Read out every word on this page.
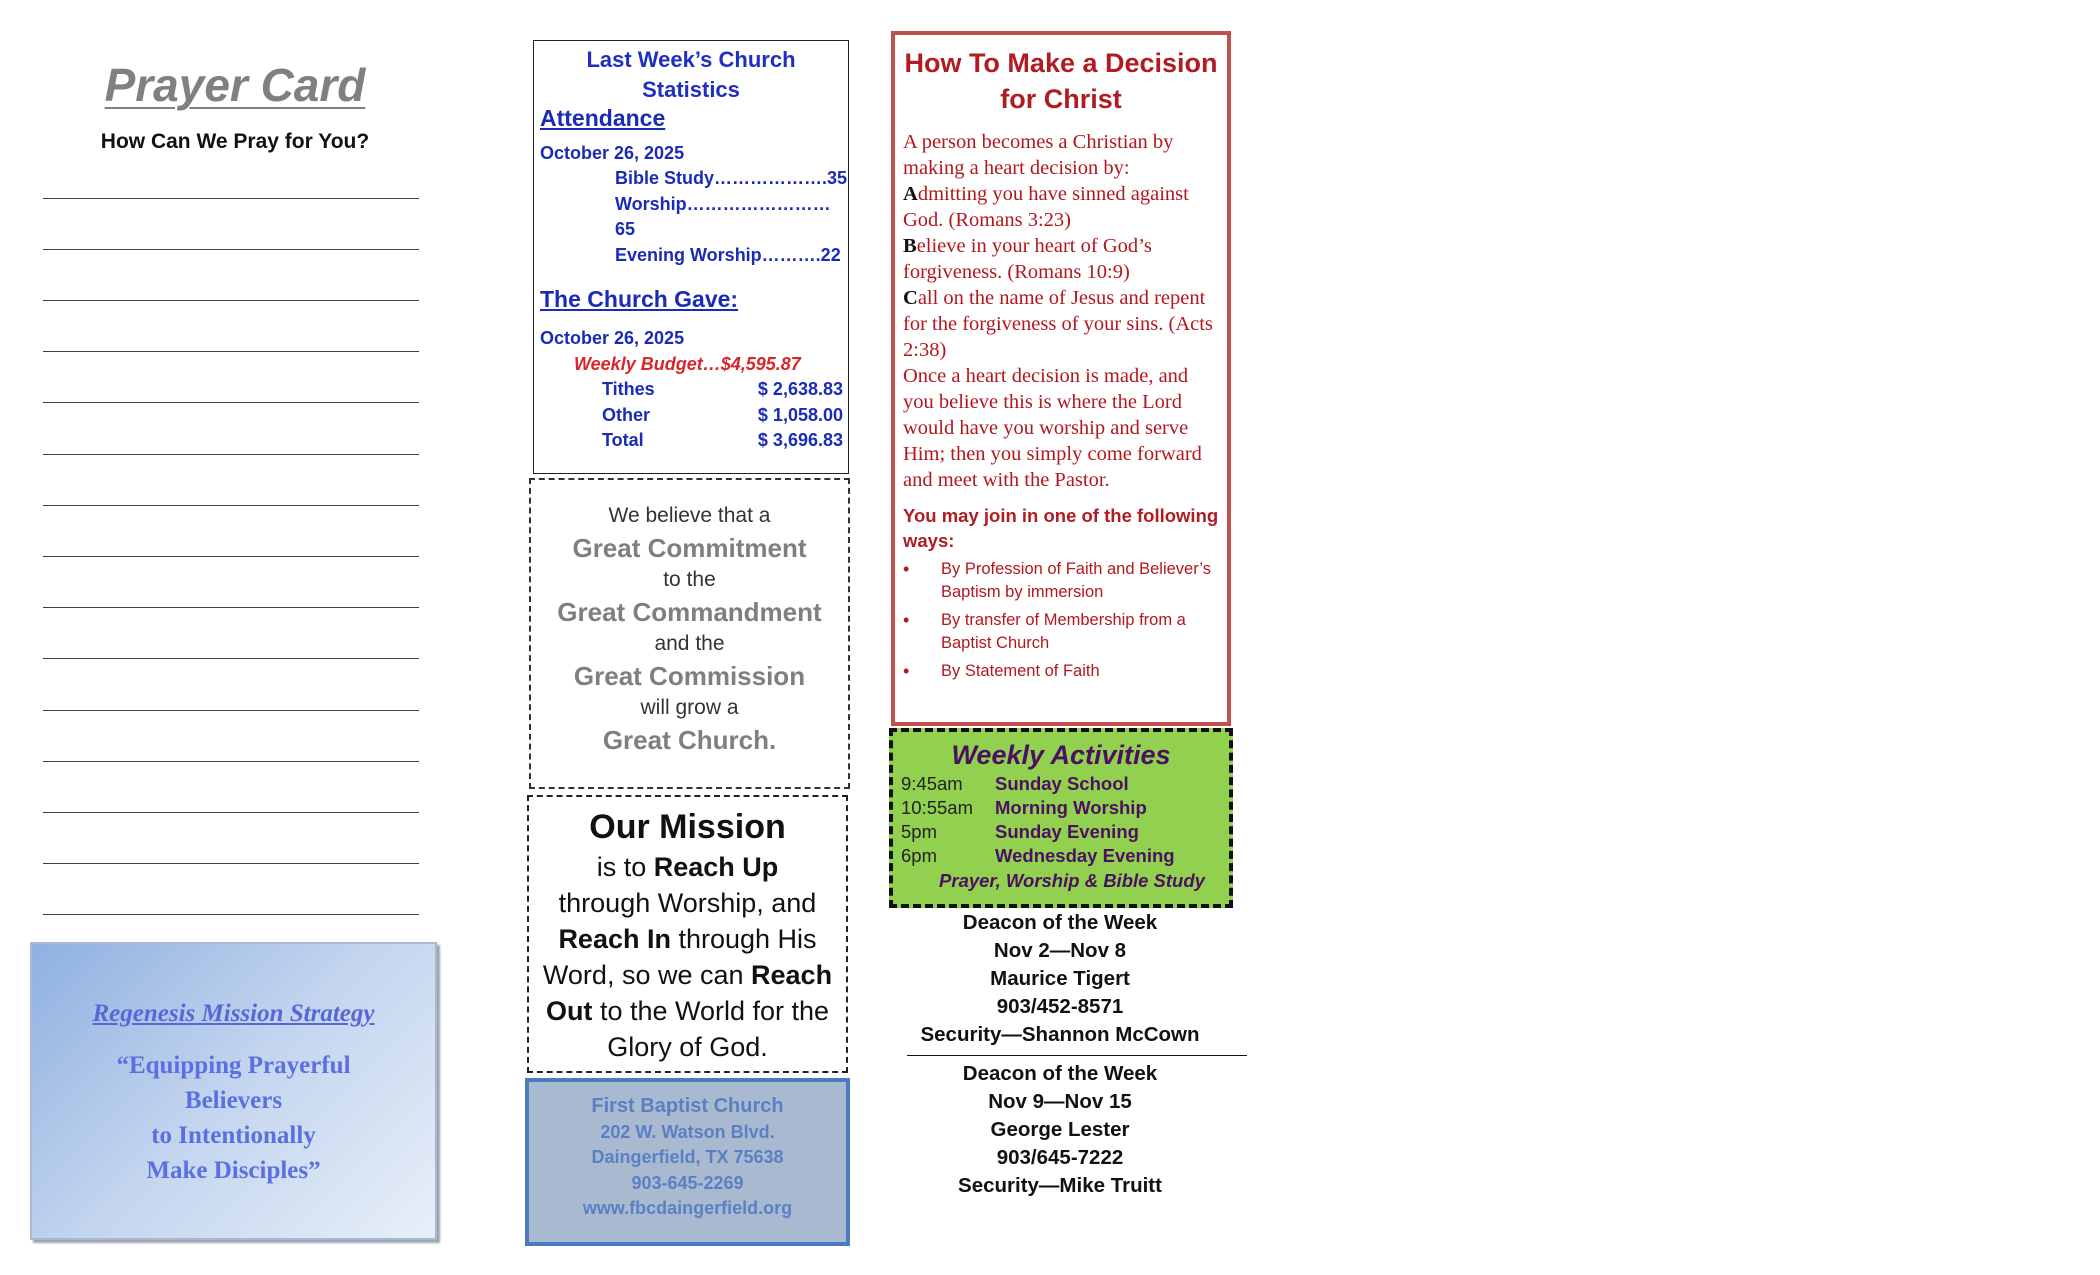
Prayer Card
How Can We Pray for You?
Regenesis Mission Strategy
“Equipping Prayerful
Believers
to Intentionally
Make Disciples”
Last Week’s Church
Statistics
Attendance
October 26, 2025
Bible Study……………….35
Worship……………………65
Evening Worship……….22
The Church Gave:
October 26, 2025
Weekly Budget…$4,595.87
Tithes	$ 2,638.83
Other	$ 1,058.00
Total	$ 3,696.83
We believe that a
Great Commitment
to the
Great Commandment
and the
Great Commission
will grow a
Great Church.
Our Mission
is to Reach Up
through Worship, and
Reach In through His
Word, so we can Reach
Out to the World for the
Glory of God.
First Baptist Church
202 W. Watson Blvd.
Daingerfield, TX 75638
903-645-2269
www.fbcdaingerfield.org
How To Make a Decision
for Christ
A person becomes a Christian by making a heart decision by:
Admitting you have sinned against God. (Romans 3:23)
Believe in your heart of God’s forgiveness. (Romans 10:9)
Call on the name of Jesus and repent for the forgiveness of your sins. (Acts 2:38)
Once a heart decision is made, and you believe this is where the Lord would have you worship and serve Him; then you simply come forward and meet with the Pastor.
You may join in one of the following ways:
•	By Profession of Faith and Believer’s Baptism by immersion
•	By transfer of Membership from a Baptist Church
•	By Statement of Faith
Weekly Activities
9:45am	Sunday School
10:55am	Morning Worship
5pm	Sunday Evening
6pm	Wednesday Evening
Prayer, Worship & Bible Study
Deacon of the Week
Nov 2—Nov 8
Maurice Tigert
903/452-8571
Security—Shannon McCown
Deacon of the Week
Nov 9—Nov 15
George Lester
903/645-7222
Security—Mike Truitt
